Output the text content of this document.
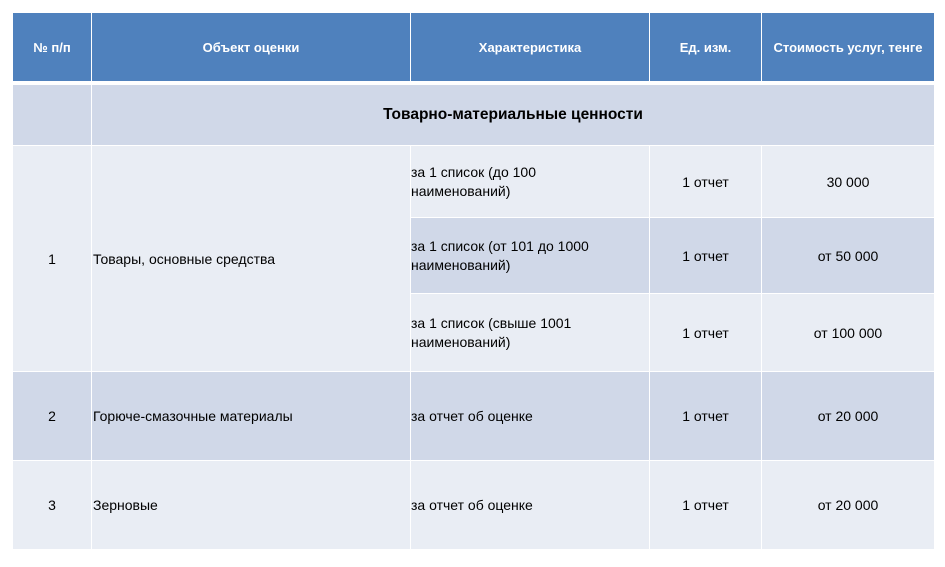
№ п/п	Объект оценки	Характеристика	Ед. изм.	Стоимость услуг, тенге

	Товарно-материальные ценности			
1	Товары, основные средства	за 1 список (до 100 наименований)	1 отчет	30 000
		за 1 список (от 101 до 1000 наименований)	1 отчет	от 50 000
		за 1 список (свыше 1001 наименований)	1 отчет	от 100 000
2	Горюче-смазочные материалы	за отчет об оценке	1 отчет	от 20 000
3	Зерновые	за отчет об оценке	1 отчет	от 20 000
